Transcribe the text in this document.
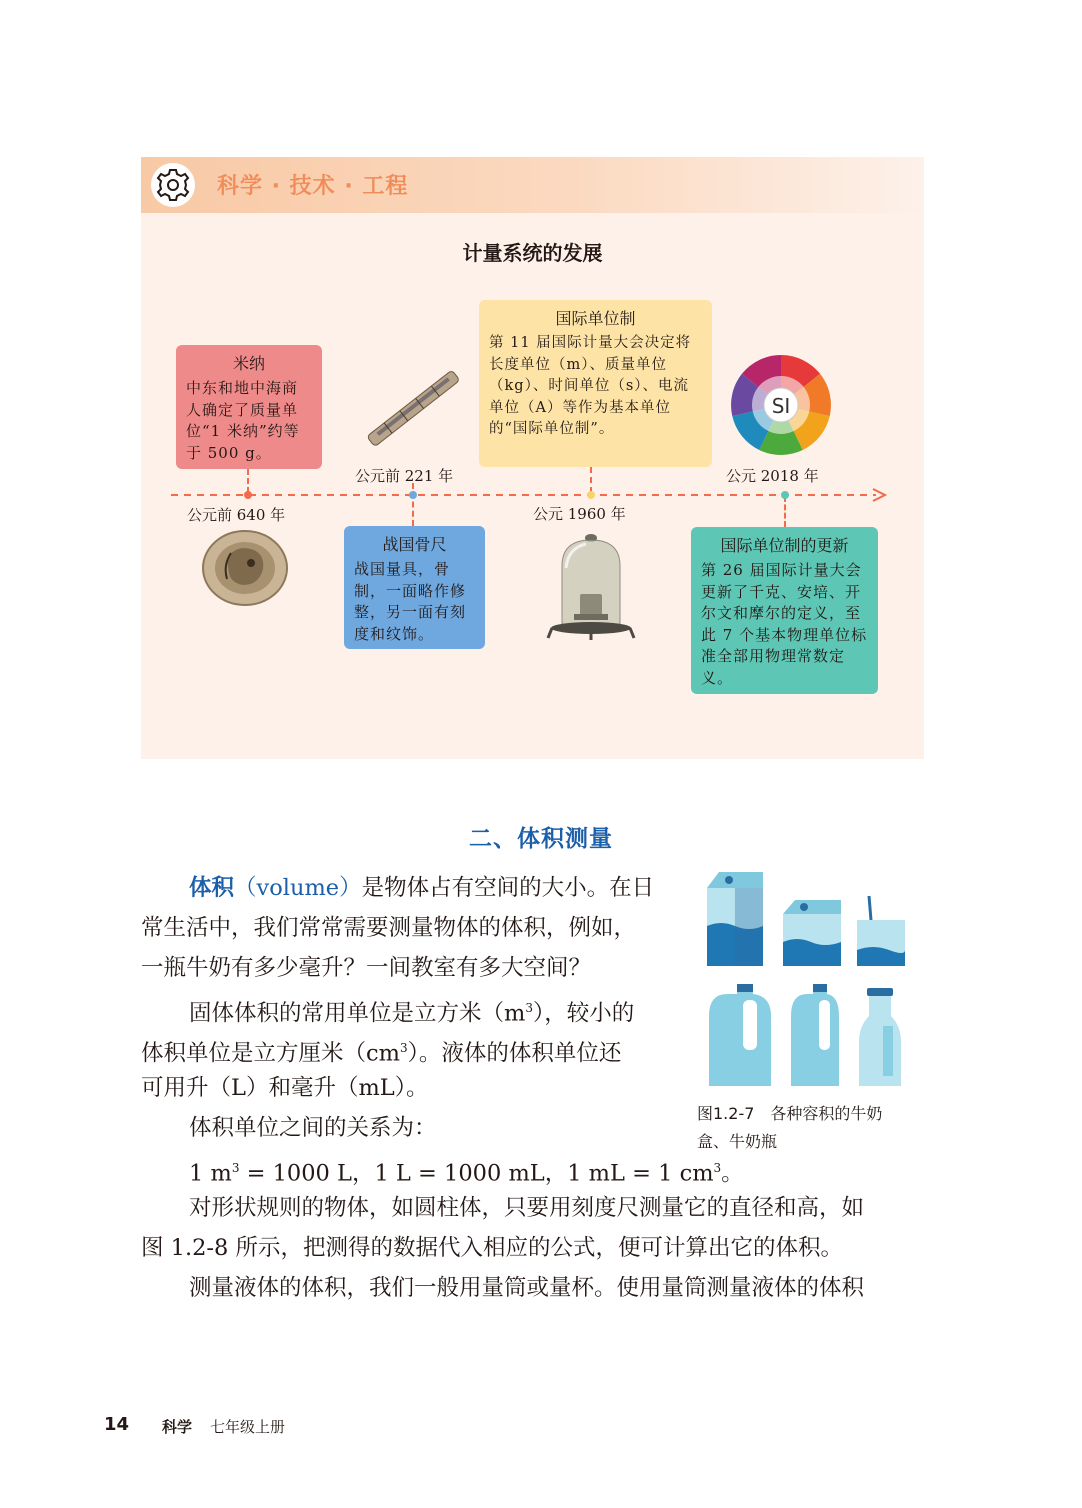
科学 · 技术 · 工程
计量系统的发展
公元前 640 年
公元前 221 年
公元 1960 年
公元 2018 年
米纳
中东和地中海商人确定了质量单位“1 米纳”约等于 500 g。
战国骨尺
战国量具，骨制，一面略作修整，另一面有刻度和纹饰。
国际单位制
第 11 届国际计量大会决定将长度单位（m）、质量单位（kg）、时间单位（s）、电流单位（A）等作为基本单位的“国际单位制”。
国际单位制的更新
第 26 届国际计量大会更新了千克、安培、开尔文和摩尔的定义，至此 7 个基本物理单位标准全部用物理常数定义。
SI
二、体积测量
体积（volume）是物体占有空间的大小。在日
常生活中，我们常常需要测量物体的体积，例如，
一瓶牛奶有多少毫升？一间教室有多大空间？
固体体积的常用单位是立方米$(m^3)$，较小的
体积单位是立方厘米$(cm^3)$。液体的体积单位还
可用升（L）和毫升（mL）。
体积单位之间的关系为：
1 $m^3 = 1000$ L，1 L = 1000 mL，1 mL = 1 $cm^3$。
对形状规则的物体，如圆柱体，只要用刻度尺测量它的直径和高，如
图 1.2-8 所示，把测得的数据代入相应的公式，便可计算出它的体积。
测量液体的体积，我们一般用量筒或量杯。使用量筒测量液体的体积
图1.2-7　各种容积的牛奶
盒、牛奶瓶
14 科学 七年级上册
